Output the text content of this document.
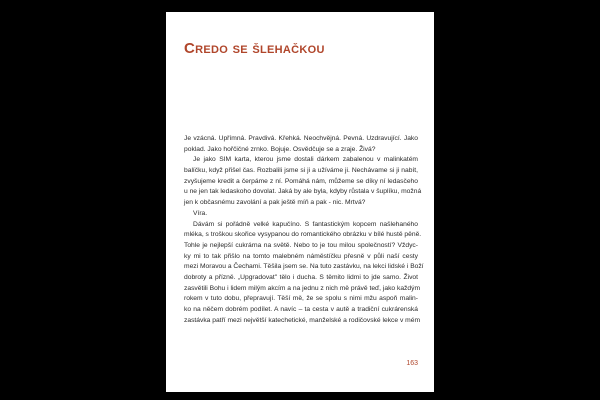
Credo se šlehačkou
Je vzácná. Upřímná. Pravdivá. Křehká. Neochvějná. Pevná. Uzdravující. Jako
poklad. Jako hořčičné zrnko. Bojuje. Osvědčuje se a zraje. Živá?
Je jako SIM karta, kterou jsme dostali dárkem zabalenou v malinkatém
balíčku, když přišel čas. Rozbalili jsme si ji a užíváme ji. Nechávame si ji nabít,
zvyšujeme kredit a čerpáme z ní. Pomáhá nám, můžeme se díky ní ledasčeho
u ne jen tak ledaskoho dovolat. Jaká by ale byla, kdyby růstala v šuplíku, možná
jen k občasnému zavolání a pak ještě míň a pak - nic. Mrtvá?
Víra.
Dávám si pořádně velké kapučíno. S fantastickým kopcem našlehaného
mléka, s troškou skořice vysypanou do romantického obrázku v bílé hustě pěně.
Tohle je nejlepší cukrárna na světě. Nebo to je tou milou společností? Vždyc-
ky mi to tak přišlo na tomto malebném náměstíčku přesně v půli naší cesty
mezi Moravou a Čechami. Těšila jsem se. Na tuto zastávku, na lekci lidské i Boží
dobroty a přízně. „Upgradovat" tělo i ducha. S těmito lidmi to jde samo. Život
zasvětili Bohu i lidem milým akcím a na jednu z nich mě právě teď, jako každým
rokem v tuto dobu, přepravují. Těší mě, že se spolu s nimi mžu aspoň malin-
ko na něčem dobrém podílet. A navíc – ta cesta v autě a tradiční cukrárenská
zastávka patří mezi největší katechetické, manželské a rodičovské lekce v mém
163
